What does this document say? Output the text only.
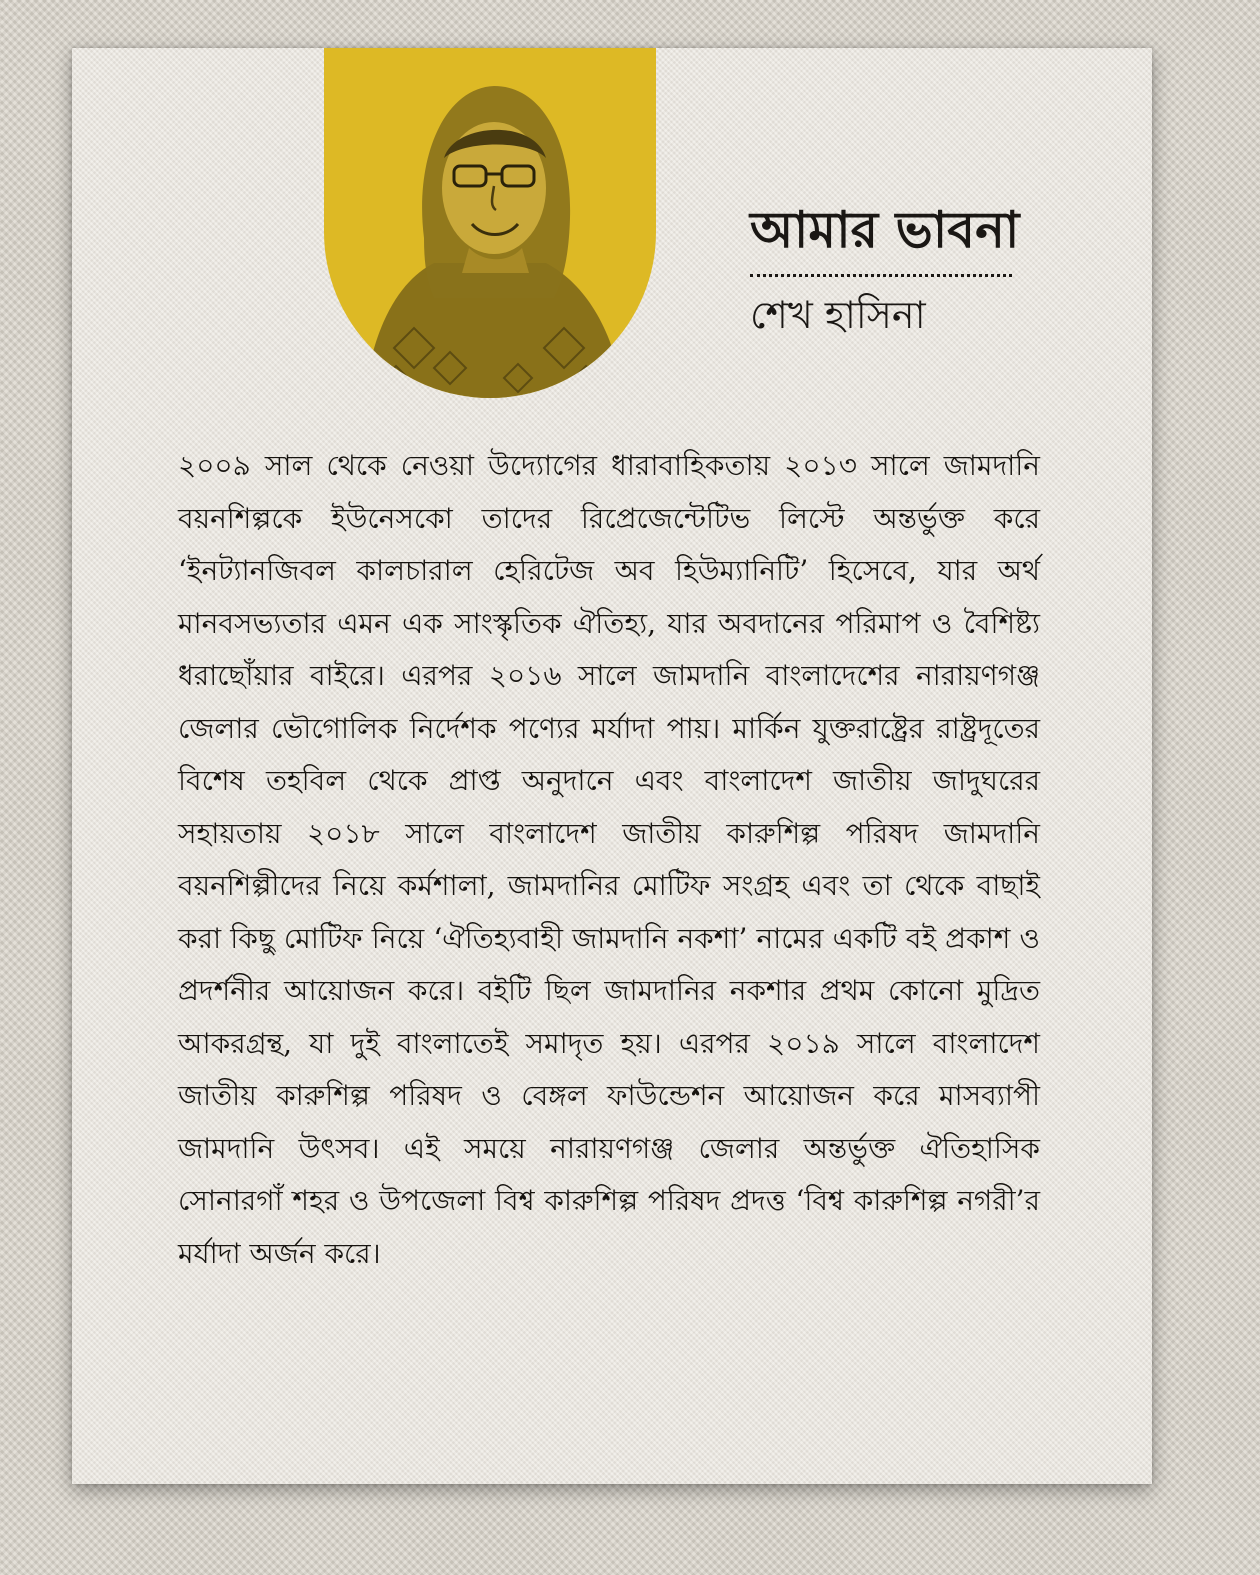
আমার ভাবনা
শেখ হাসিনা

২০০৯ সাল থেকে নেওয়া উদ্যোগের ধারাবাহিকতায় ২০১৩ সালে জামদানি বয়নশিল্পকে ইউনেসকো তাদের রিপ্রেজেন্টেটিভ লিস্টে অন্তর্ভুক্ত করে ‘ইনট্যানজিবল কালচারাল হেরিটেজ অব হিউম্যানিটি’ হিসেবে, যার অর্থ মানবসভ্যতার এমন এক সাংস্কৃতিক ঐতিহ্য, যার অবদানের পরিমাপ ও বৈশিষ্ট্য ধরাছোঁয়ার বাইরে। এরপর ২০১৬ সালে জামদানি বাংলাদেশের নারায়ণগঞ্জ জেলার ভৌগোলিক নির্দেশক পণ্যের মর্যাদা পায়। মার্কিন যুক্তরাষ্ট্রের রাষ্ট্রদূতের বিশেষ তহবিল থেকে প্রাপ্ত অনুদানে এবং বাংলাদেশ জাতীয় জাদুঘরের সহায়তায় ২০১৮ সালে বাংলাদেশ জাতীয় কারুশিল্প পরিষদ জামদানি বয়নশিল্পীদের নিয়ে কর্মশালা, জামদানির মোটিফ সংগ্রহ এবং তা থেকে বাছাই করা কিছু মোটিফ নিয়ে ‘ঐতিহ্যবাহী জামদানি নকশা’ নামের একটি বই প্রকাশ ও প্রদর্শনীর আয়োজন করে। বইটি ছিল জামদানির নকশার প্রথম কোনো মুদ্রিত আকরগ্রন্থ, যা দুই বাংলাতেই সমাদৃত হয়। এরপর ২০১৯ সালে বাংলাদেশ জাতীয় কারুশিল্প পরিষদ ও বেঙ্গল ফাউন্ডেশন আয়োজন করে মাসব্যাপী জামদানি উৎসব। এই সময়ে নারায়ণগঞ্জ জেলার অন্তর্ভুক্ত ঐতিহাসিক সোনারগাঁ শহর ও উপজেলা বিশ্ব কারুশিল্প পরিষদ প্রদত্ত ‘বিশ্ব কারুশিল্প নগরী’র মর্যাদা অর্জন করে।
